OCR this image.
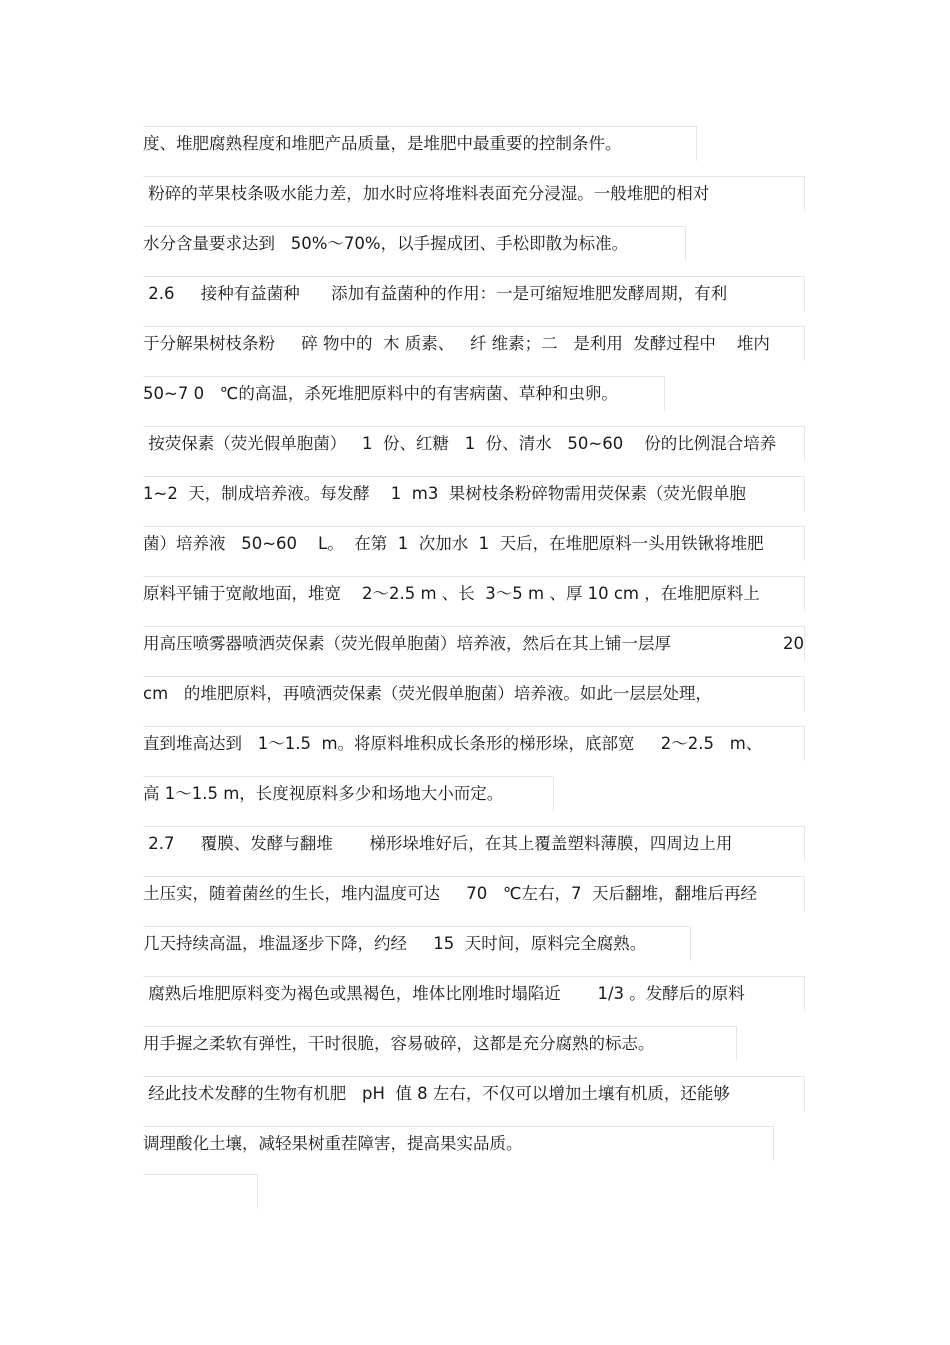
度、堆肥腐熟程度和堆肥产品质量，是堆肥中最重要的控制条件。
粉碎的苹果枝条吸水能力差，加水时应将堆料表面充分浸湿。一般堆肥的相对
水分含量要求达到   50%～70%，以手握成团、手松即散为标准。
2.6     接种有益菌种      添加有益菌种的作用：一是可缩短堆肥发酵周期，有利
于分解果树枝条粉     碎 物中的  木 质素、   纤 维素；二   是利用  发酵过程中    堆内
50~7 0   ℃的高温，杀死堆肥原料中的有害病菌、草种和虫卵。
按荧保素（荧光假单胞菌）   1  份、红糖   1  份、清水   50~60    份的比例混合培养
1~2  天，制成培养液。每发酵    1  m3  果树枝条粉碎物需用荧保素（荧光假单胞
菌）培养液   50~60    L。  在第  1  次加水  1  天后，在堆肥原料一头用铁锹将堆肥
原料平铺于宽敞地面，堆宽    2～2.5 m 、长  3～5 m 、厚 10 cm ，在堆肥原料上
用高压喷雾器喷洒荧保素（荧光假单胞菌）培养液，然后在其上铺一层厚	20
cm   的堆肥原料，再喷洒荧保素（荧光假单胞菌）培养液。如此一层层处理，
直到堆高达到   1～1.5  m。将原料堆积成长条形的梯形垛，底部宽     2～2.5   m、
高 1～1.5 m，长度视原料多少和场地大小而定。
2.7     覆膜、发酵与翻堆       梯形垛堆好后，在其上覆盖塑料薄膜，四周边上用
土压实，随着菌丝的生长，堆内温度可达     70   ℃左右，7  天后翻堆，翻堆后再经
几天持续高温，堆温逐步下降，约经     15  天时间，原料完全腐熟。
腐熟后堆肥原料变为褐色或黑褐色，堆体比刚堆时塌陷近       1/3 。发酵后的原料
用手握之柔软有弹性，干时很脆，容易破碎，这都是充分腐熟的标志。
经此技术发酵的生物有机肥   pH  值 8 左右，不仅可以增加土壤有机质，还能够
调理酸化土壤，减轻果树重茬障害，提高果实品质。
